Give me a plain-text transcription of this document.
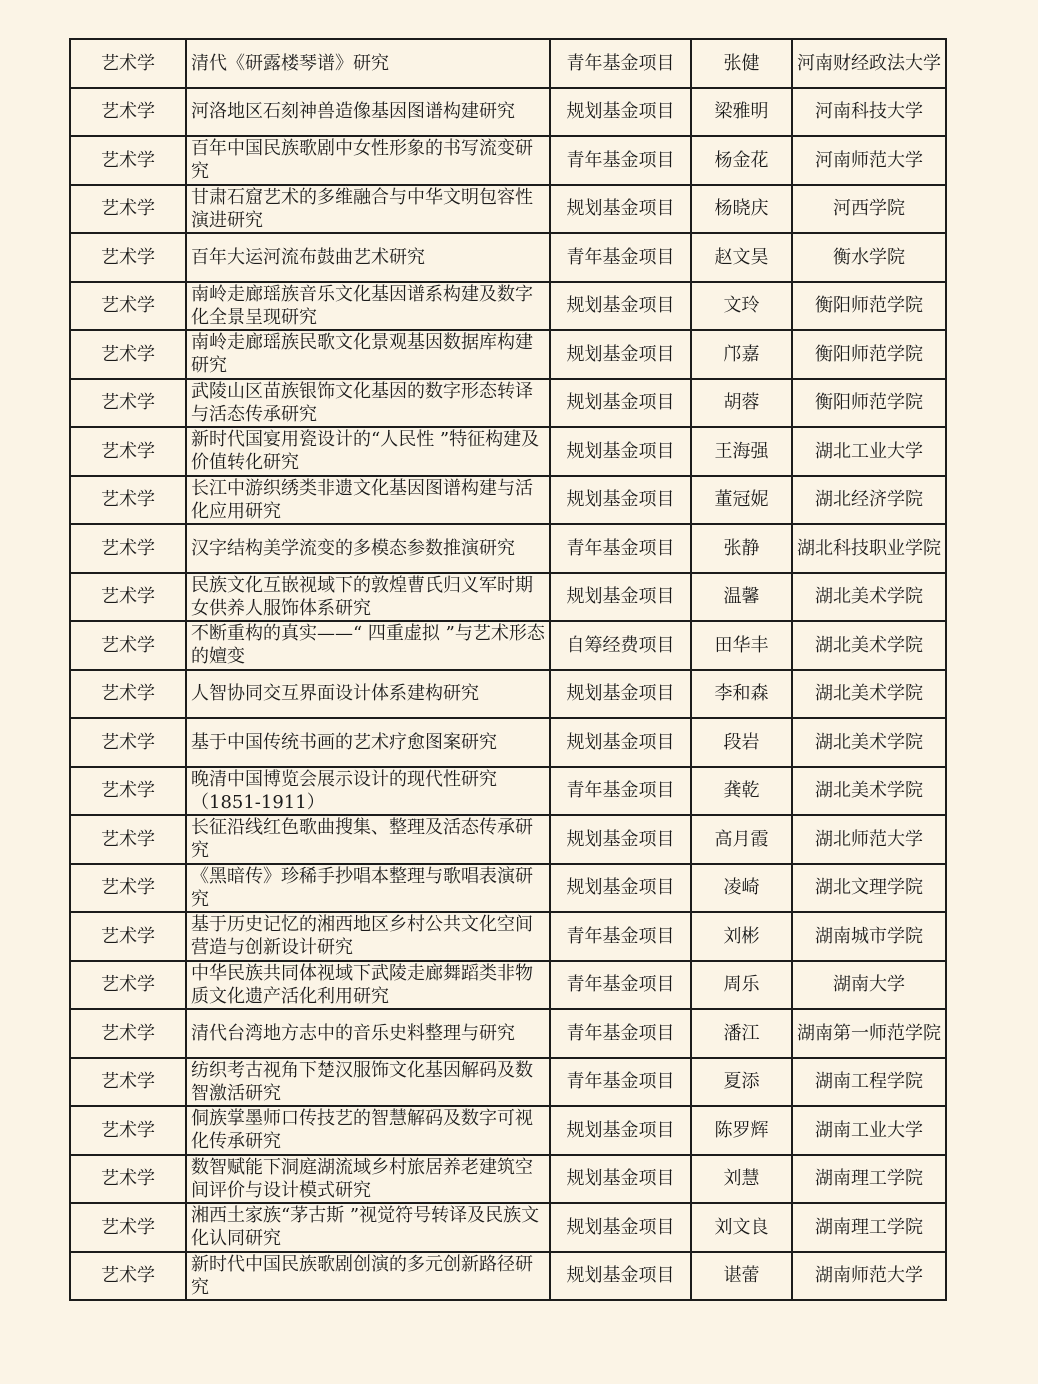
艺术学	清代《研露楼琴谱》研究	青年基金项目	张健	河南财经政法大学
艺术学	河洛地区石刻神兽造像基因图谱构建研究	规划基金项目	梁雅明	河南科技大学
艺术学	百年中国民族歌剧中女性形象的书写流变研究	青年基金项目	杨金花	河南师范大学
艺术学	甘肃石窟艺术的多维融合与中华文明包容性演进研究	规划基金项目	杨晓庆	河西学院
艺术学	百年大运河流布鼓曲艺术研究	青年基金项目	赵文昊	衡水学院
艺术学	南岭走廊瑶族音乐文化基因谱系构建及数字化全景呈现研究	规划基金项目	文玲	衡阳师范学院
艺术学	南岭走廊瑶族民歌文化景观基因数据库构建研究	规划基金项目	邝嘉	衡阳师范学院
艺术学	武陵山区苗族银饰文化基因的数字形态转译与活态传承研究	规划基金项目	胡蓉	衡阳师范学院
艺术学	新时代国宴用瓷设计的“人民性 ”特征构建及价值转化研究	规划基金项目	王海强	湖北工业大学
艺术学	长江中游织绣类非遗文化基因图谱构建与活化应用研究	规划基金项目	董冠妮	湖北经济学院
艺术学	汉字结构美学流变的多模态参数推演研究	青年基金项目	张静	湖北科技职业学院
艺术学	民族文化互嵌视域下的敦煌曹氏归义军时期女供养人服饰体系研究	规划基金项目	温馨	湖北美术学院
艺术学	不断重构的真实——“ 四重虚拟 ”与艺术形态的嬗变	自筹经费项目	田华丰	湖北美术学院
艺术学	人智协同交互界面设计体系建构研究	规划基金项目	李和森	湖北美术学院
艺术学	基于中国传统书画的艺术疗愈图案研究	规划基金项目	段岩	湖北美术学院
艺术学	晚清中国博览会展示设计的现代性研究（1851-1911）	青年基金项目	龚乾	湖北美术学院
艺术学	长征沿线红色歌曲搜集、整理及活态传承研究	规划基金项目	高月霞	湖北师范大学
艺术学	《黑暗传》珍稀手抄唱本整理与歌唱表演研究	规划基金项目	凌崎	湖北文理学院
艺术学	基于历史记忆的湘西地区乡村公共文化空间营造与创新设计研究	青年基金项目	刘彬	湖南城市学院
艺术学	中华民族共同体视域下武陵走廊舞蹈类非物质文化遗产活化利用研究	青年基金项目	周乐	湖南大学
艺术学	清代台湾地方志中的音乐史料整理与研究	青年基金项目	潘江	湖南第一师范学院
艺术学	纺织考古视角下楚汉服饰文化基因解码及数智激活研究	青年基金项目	夏添	湖南工程学院
艺术学	侗族掌墨师口传技艺的智慧解码及数字可视化传承研究	规划基金项目	陈罗辉	湖南工业大学
艺术学	数智赋能下洞庭湖流域乡村旅居养老建筑空间评价与设计模式研究	规划基金项目	刘慧	湖南理工学院
艺术学	湘西土家族“茅古斯 ”视觉符号转译及民族文化认同研究	规划基金项目	刘文良	湖南理工学院
艺术学	新时代中国民族歌剧创演的多元创新路径研究	规划基金项目	谌蕾	湖南师范大学
